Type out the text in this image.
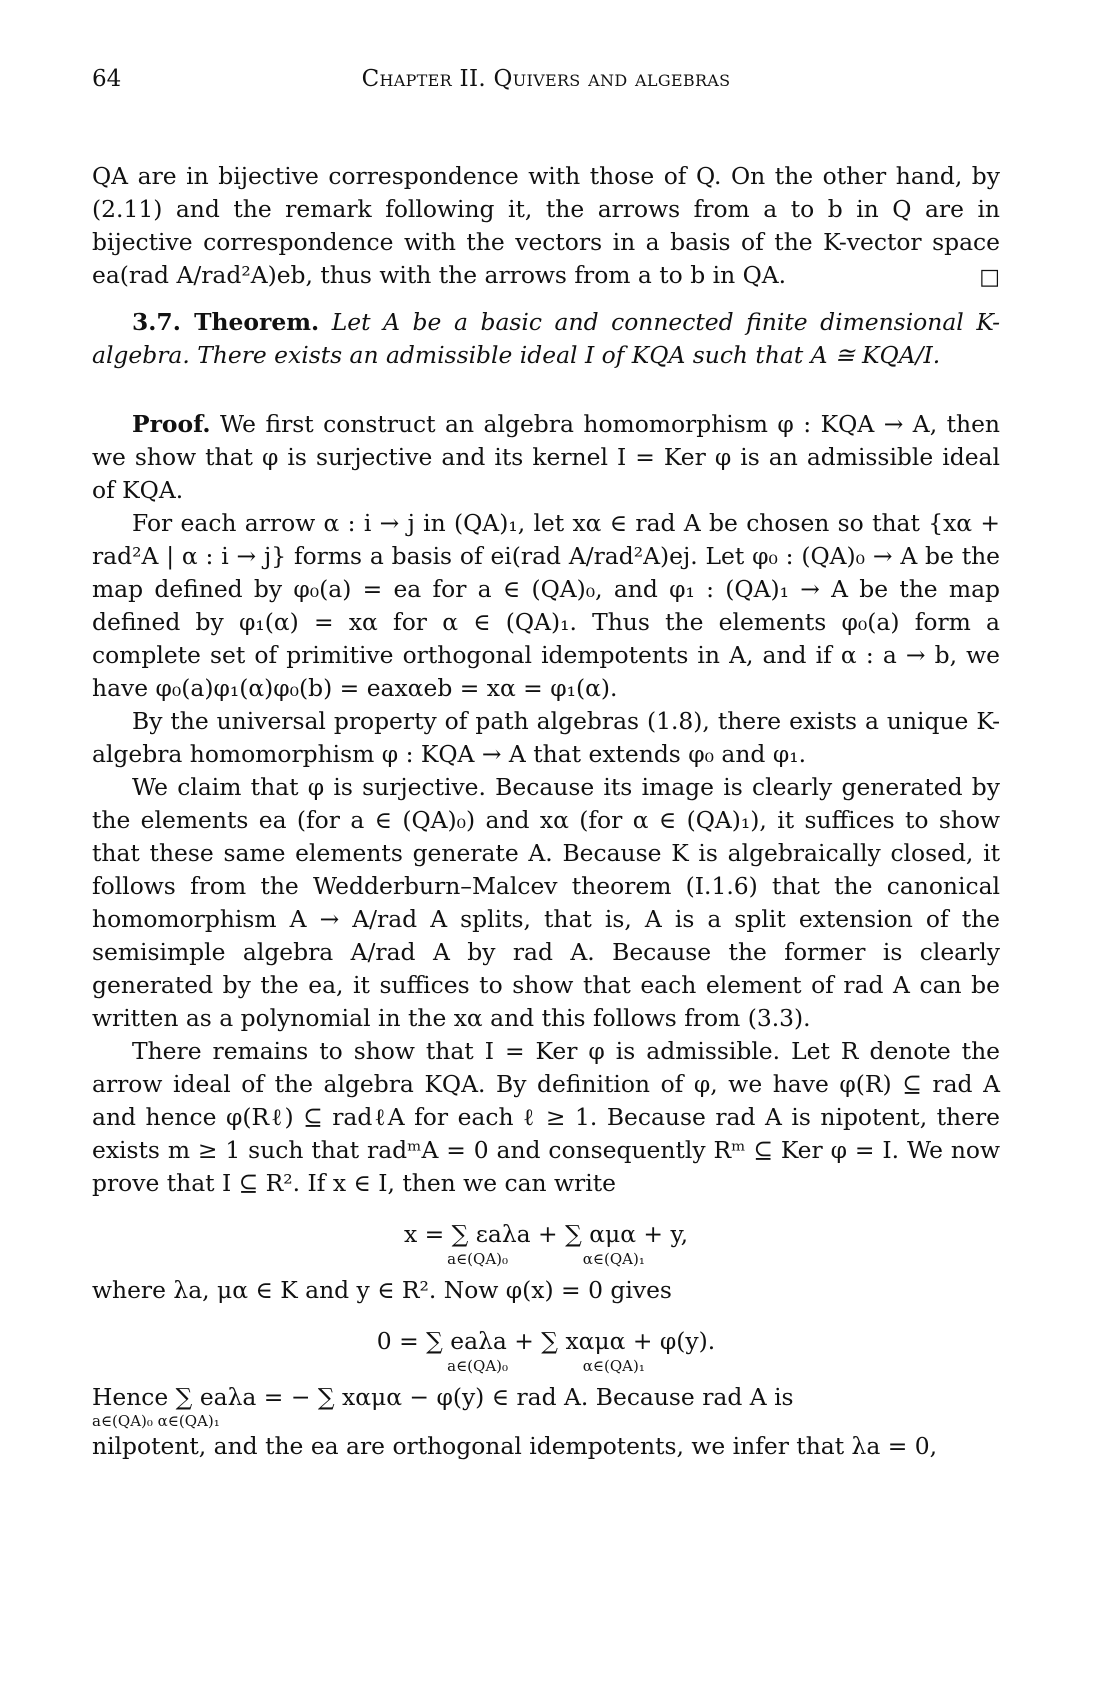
64	Chapter II. Quivers and algebras

QA are in bijective correspondence with those of Q. On the other hand, by (2.11) and the remark following it, the arrows from a to b in Q are in bijective correspondence with the vectors in a basis of the K-vector space ea(rad A/rad²A)eb, thus with the arrows from a to b in QA.	□

3.7. Theorem. Let A be a basic and connected finite dimensional K-algebra. There exists an admissible ideal I of KQA such that A ≅ KQA/I.

Proof. We first construct an algebra homomorphism φ : KQA → A, then we show that φ is surjective and its kernel I = Ker φ is an admissible ideal of KQA.

For each arrow α : i → j in (QA)₁, let xα ∈ rad A be chosen so that {xα + rad²A | α : i → j} forms a basis of ei(rad A/rad²A)ej. Let φ₀ : (QA)₀ → A be the map defined by φ₀(a) = ea for a ∈ (QA)₀, and φ₁ : (QA)₁ → A be the map defined by φ₁(α) = xα for α ∈ (QA)₁. Thus the elements φ₀(a) form a complete set of primitive orthogonal idempotents in A, and if α : a → b, we have φ₀(a)φ₁(α)φ₀(b) = eaxαeb = xα = φ₁(α).

By the universal property of path algebras (1.8), there exists a unique K-algebra homomorphism φ : KQA → A that extends φ₀ and φ₁.

We claim that φ is surjective. Because its image is clearly generated by the elements ea (for a ∈ (QA)₀) and xα (for α ∈ (QA)₁), it suffices to show that these same elements generate A. Because K is algebraically closed, it follows from the Wedderburn–Malcev theorem (I.1.6) that the canonical homomorphism A → A/rad A splits, that is, A is a split extension of the semisimple algebra A/rad A by rad A. Because the former is clearly generated by the ea, it suffices to show that each element of rad A can be written as a polynomial in the xα and this follows from (3.3).

There remains to show that I = Ker φ is admissible. Let R denote the arrow ideal of the algebra KQA. By definition of φ, we have φ(R) ⊆ rad A and hence φ(Rℓ) ⊆ radℓA for each ℓ ≥ 1. Because rad A is nipotent, there exists m ≥ 1 such that radᵐA = 0 and consequently Rᵐ ⊆ Ker φ = I. We now prove that I ⊆ R². If x ∈ I, then we can write

x = ∑ εaλa + ∑ αμα + y,
a∈(QA)₀ α∈(QA)₁

where λa, μα ∈ K and y ∈ R². Now φ(x) = 0 gives

0 = ∑ eaλa + ∑ xαμα + φ(y).
a∈(QA)₀ α∈(QA)₁

Hence ∑ eaλa = − ∑ xαμα − φ(y) ∈ rad A. Because rad A is

a∈(QA)₀ α∈(QA)₁

nilpotent, and the ea are orthogonal idempotents, we infer that λa = 0,
